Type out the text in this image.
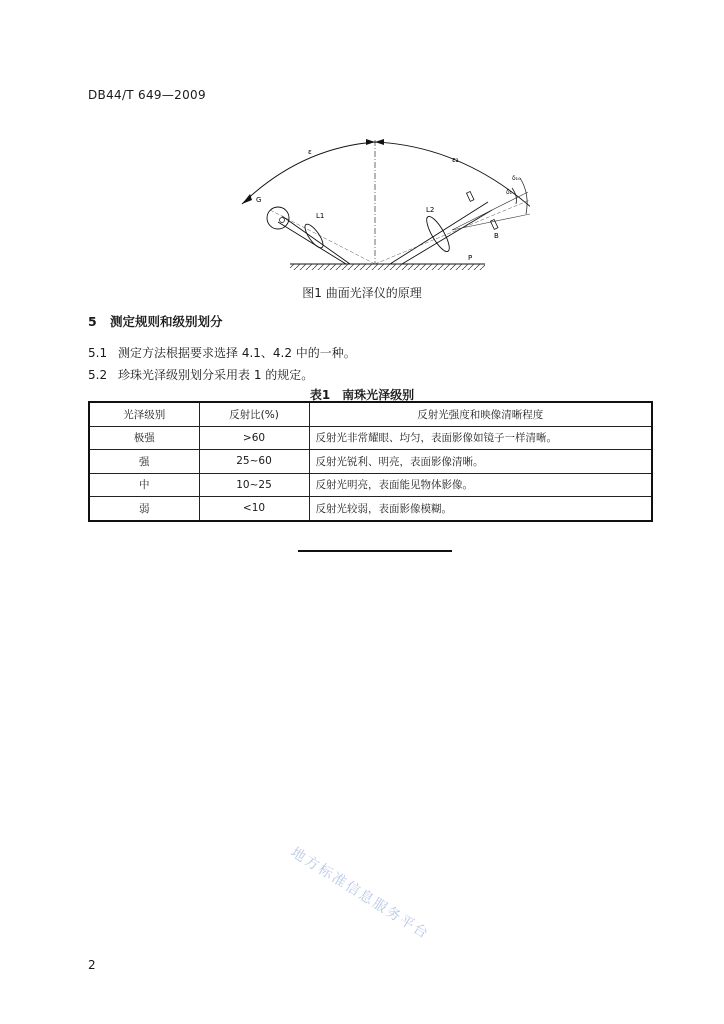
DB44/T 649—2009
G
L1
L2
B
P
ε
ε₂
δ₁
δ₁₀
图1 曲面光泽仪的原理
5 测定规则和级别划分
5.1 测定方法根据要求选择 4.1、4.2 中的一种。
5.2 珍珠光泽级别划分采用表 1 的规定。
表1　南珠光泽级别
光泽级别	反射比(%)	反射光强度和映像清晰程度
极强	>60	反射光非常耀眼、均匀，表面影像如镜子一样清晰。
强	25~60	反射光锐利、明亮，表面影像清晰。
中	10~25	反射光明亮，表面能见物体影像。
弱	<10	反射光较弱，表面影像模糊。
地方标准信息服务平台
2
